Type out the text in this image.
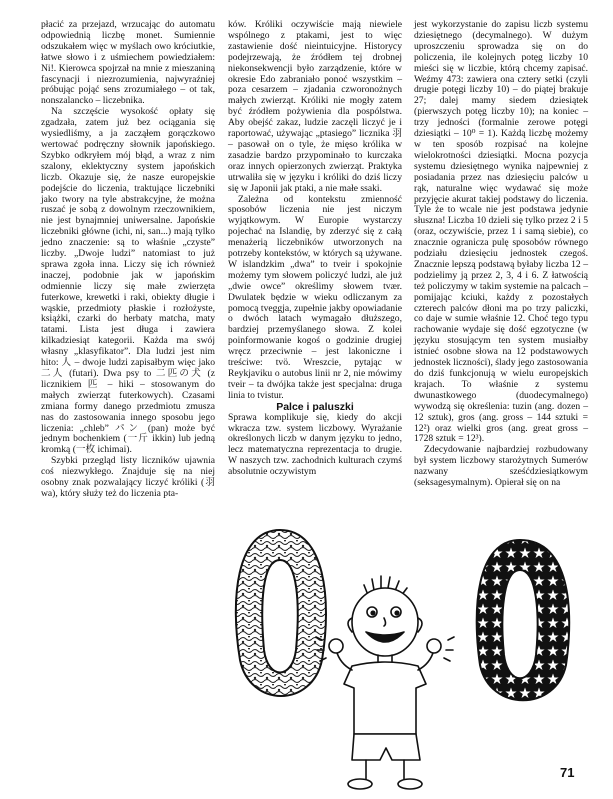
płacić za przejazd, wrzucając do automatu odpowiednią liczbę monet. Sumiennie odszukałem więc w myślach owo króciutkie, łatwe słowo i z uśmiechem powiedziałem: Ni!. Kierowca spojrzał na mnie z mieszaniną fascynacji i niezrozumienia, najwyraźniej próbując pojąć sens zrozumiałego – ot tak, nonszalancko – liczebnika.

Na szczęście wysokość opłaty się zgadzała, zatem już bez ociągania się wysiedliśmy, a ja zacząłem gorączkowo wertować podręczny słownik japońskiego. Szybko odkryłem mój błąd, a wraz z nim szalony, eklektyczny system japońskich liczb. Okazuje się, że nasze europejskie podejście do liczenia, traktujące liczebniki jako twory na tyle abstrakcyjne, że można ruszać je sobą z dowolnym rzeczownikiem, nie jest bynajmniej uniwersalne. Japońskie liczebniki główne (ichi, ni, san...) mają tylko jedno znaczenie: są to właśnie „czyste” liczby. „Dwoje ludzi” natomiast to już sprawa zgoła inna. Liczy się ich również inaczej, podobnie jak w japońskim odmiennie liczy się małe zwierzęta futerkowe, krewetki i raki, obiekty długie i wąskie, przedmioty płaskie i rozłożyste, książki, czarki do herbaty matcha, maty tatami. Lista jest długa i zawiera kilkadziesiąt kategorii. Każda ma swój własny „klasyfikator”. Dla ludzi jest nim hito: 人 – dwoje ludzi zapisałbym więc jako 二人 (futari). Dwa psy to 二匹の犬 (z licznikiem 匹 – hiki – stosowanym do małych zwierząt futerkowych). Czasami zmiana formy danego przedmiotu zmusza nas do zastosowania innego sposobu jego liczenia: „chleb” パン (pan) może być jednym bochenkiem (一斤 ikkin) lub jedną kromką (一枚 ichimai).

Szybki przegląd listy liczników ujawnia coś niezwykłego. Znajduje się na niej osobny znak pozwalający liczyć króliki (羽 wa), który służy też do liczenia pta-

ków. Króliki oczywiście mają niewiele wspólnego z ptakami, jest to więc zastawienie dość nieintuicyjne. Historycy podejrzewają, że źródłem tej drobnej niekonsekwencji było zarządzenie, które w okresie Edo zabraniało ponoć wszystkim – poza cesarzem – zjadania czworonożnych małych zwierząt. Króliki nie mogły zatem być źródłem pożywienia dla pospólstwa. Aby obejść zakaz, ludzie zaczęli liczyć je i raportować, używając „ptasiego” licznika 羽 – pasował on o tyle, że mięso królika w zasadzie bardzo przypominało to kurczaka oraz innych opierzonych zwierząt. Praktyka utrwaliła się w języku i króliki do dziś liczy się w Japonii jak ptaki, a nie małe ssaki.

Zależna od kontekstu zmienność sposobów liczenia nie jest niczym wyjątkowym. W Europie wystarczy pojechać na Islandię, by zderzyć się z całą menażerią liczebników utworzonych na potrzeby kontekstów, w których są używane. W islandzkim „dwa” to tveir i spokojnie możemy tym słowem policzyć ludzi, ale już „dwie owce” określimy słowem tvær. Dwulatek będzie w wieku odliczanym za pomocą tveggja, zupełnie jakby opowiadanie o dwóch latach wymagało dłuższego, bardziej przemyślanego słowa. Z kolei poinformowanie kogoś o godzinie drugiej wręcz przeciwnie – jest lakoniczne i treściwe: tvö. Wreszcie, pytając w Reykjaviku o autobus linii nr 2, nie mówimy tveir – ta dwójka także jest specjalna: druga linia to tvistur.

Palce i paluszki

Sprawa komplikuje się, kiedy do akcji wkracza tzw. system liczbowy. Wyrażanie określonych liczb w danym języku to jedno, lecz matematyczna reprezentacja to drugie. W naszych tzw. zachodnich kulturach czymś absolutnie oczywistym

jest wykorzystanie do zapisu liczb systemu dziesiętnego (decymalnego). W dużym uproszczeniu sprowadza się on do policzenia, ile kolejnych potęg liczby 10 mieści się w liczbie, którą chcemy zapisać. Weźmy 473: zawiera ona cztery setki (czyli drugie potęgi liczby 10) – do piątej brakuje 27; dalej mamy siedem dziesiątek (pierwszych potęg liczby 10); na koniec – trzy jedności (formalnie zerowe potęgi dziesiątki – 10⁰ = 1). Każdą liczbę możemy w ten sposób rozpisać na kolejne wielokrotności dziesiątki. Mocna pozycja systemu dziesiętnego wynika najpewniej z posiadania przez nas dziesięciu palców u rąk, naturalne więc wydawać się może przyjęcie akurat takiej podstawy do liczenia. Tyle że to wcale nie jest podstawa jedynie słuszna! Liczba 10 dzieli się tylko przez 2 i 5 (oraz, oczywiście, przez 1 i samą siebie), co znacznie ogranicza pulę sposobów równego podziału dziesięciu jednostek czegoś. Znacznie lepszą podstawą byłaby liczba 12 – podzielimy ją przez 2, 3, 4 i 6. Z łatwością też policzymy w takim systemie na palcach – pomijając kciuki, każdy z pozostałych czterech palców dłoni ma po trzy paliczki, co daje w sumie właśnie 12. Choć tego typu rachowanie wydaje się dość egzotyczne (w języku stosującym ten system musiałby istnieć osobne słowa na 12 podstawowych jednostek liczności), ślady jego zastosowania do dziś funkcjonują w wielu europejskich krajach. To właśnie z systemu dwunastkowego (duodecymalnego) wywodzą się określenia: tuzin (ang. dozen – 12 sztuk), gros (ang. gross – 144 sztuki = 12²) oraz wielki gros (ang. great gross – 1728 sztuk = 12³).

Zdecydowanie najbardziej rozbudowany był system liczbowy starożytnych Sumerów nazwany sześćdziesiątkowym (seksagesymalnym). Opierał się on na

0	0
71
